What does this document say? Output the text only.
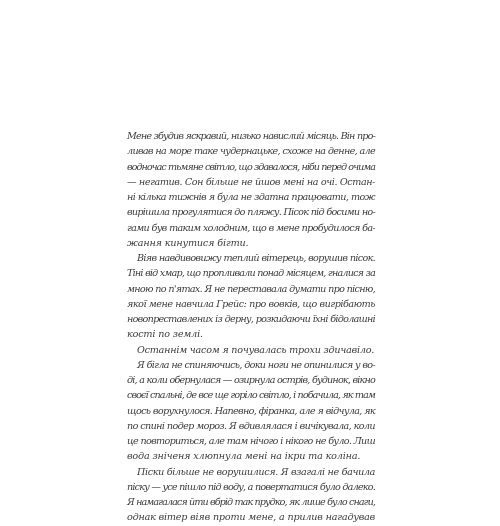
Мене збудив яскравий, низько навислий місяць. Він про-
ливав на море таке чудернацьке, схоже на денне, але
водночас тьмяне світло, що здавалося, ніби перед очима
— негатив. Сон більше не йшов мені на очі. Остан-
ні кілька тижнів я була не здатна працювати, тож
вирішила прогулятися до пляжу. Пісок під босими но-
гами був таким холодним, що в мене пробудилося ба-
жання кинутися бігти.
Віяв навдивовижу теплий вітерець, ворушив пісок.
Тіні від хмар, що пропливали понад місяцем, гналися за
мною по п'ятах. Я не переставала думати про пісню,
якої мене навчила Грейс: про вовків, що вигрібають
новопреставлених із дерну, розкидаючи їхні бідолашні
кості по землі.
Останнім часом я почувалась трохи здичавіло.
Я бігла не спиняючись, доки ноги не опинилися у во-
ді, а коли обернулася — озирнула острів, будинок, вікно
своєї спальні, де все ще горіло світло, і побачила, як там
щось ворухнулося. Напевно, фіранка, але я відчула, як
по спині подер мороз. Я вдивлялася і вичікувала, коли
це повториться, але там нічого і нікого не було. Лиш
вода зніченя хлюпнула мені на ікри та коліна.
Піски більше не ворушилися. Я взагалі не бачила
піску — усе пішло під воду, а повертатися було далеко.
Я намагалася йти вбрід так прудко, як лише було снаги,
однак вітер віяв проти мене, а прилив нагадував
